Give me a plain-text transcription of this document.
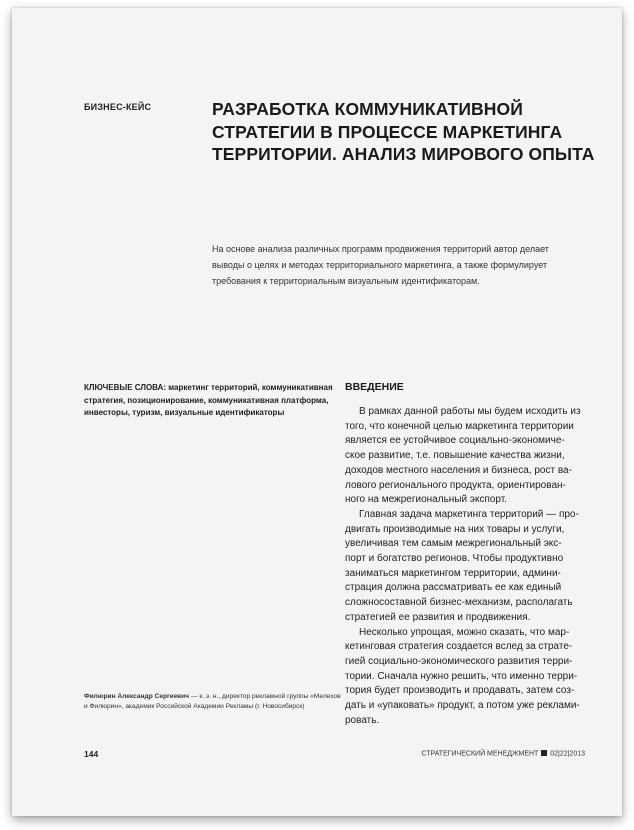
БИЗНЕС-КЕЙС	РАЗРАБОТКА КОММУНИКАТИВНОЙ
СТРАТЕГИИ В ПРОЦЕССЕ МАРКЕТИНГА
ТЕРРИТОРИИ. АНАЛИЗ МИРОВОГО ОПЫТА
На основе анализа различных программ продвижения территорий автор делает
выводы о целях и методах территориального маркетинга, а также формулирует
требования к территориальным визуальным идентификаторам.
КЛЮЧЕВЫЕ СЛОВА: маркетинг территорий, коммуникативная
стратегия, позиционирование, коммуникативная платформа,
инвесторы, туризм, визуальные идентификаторы
ВВЕДЕНИЕ
В рамках данной работы мы будем исходить из
того, что конечной целью маркетинга территории
является ее устойчивое социально-экономиче-
ское развитие, т.е. повышение качества жизни,
доходов местного населения и бизнеса, рост ва-
лового регионального продукта, ориентирован-
ного на межрегиональный экспорт.
Главная задача маркетинга территорий — про-
двигать производимые на них товары и услуги,
увеличивая тем самым межрегиональный экс-
порт и богатство регионов. Чтобы продуктивно
заниматься маркетингом территории, админи-
страция должна рассматривать ее как единый
сложносоставной бизнес-механизм, располагать
стратегией ее развития и продвижения.
Несколько упрощая, можно сказать, что мар-
кетинговая стратегия создается вслед за страте-
гией социально-экономического развития терри-
тории. Сначала нужно решить, что именно терри-
тория будет производить и продавать, затем соз-
дать и «упаковать» продукт, а потом уже реклами-
ровать.
Филюрин Александр Сергеевич — к. э. н., директор рекламной группы «Мелехов
и Филюрин», академик Российской Академии Рекламы (г. Новосибирск)
144	СТРАТЕГИЧЕСКИЙ МЕНЕДЖМЕНТ 02|22|2013
